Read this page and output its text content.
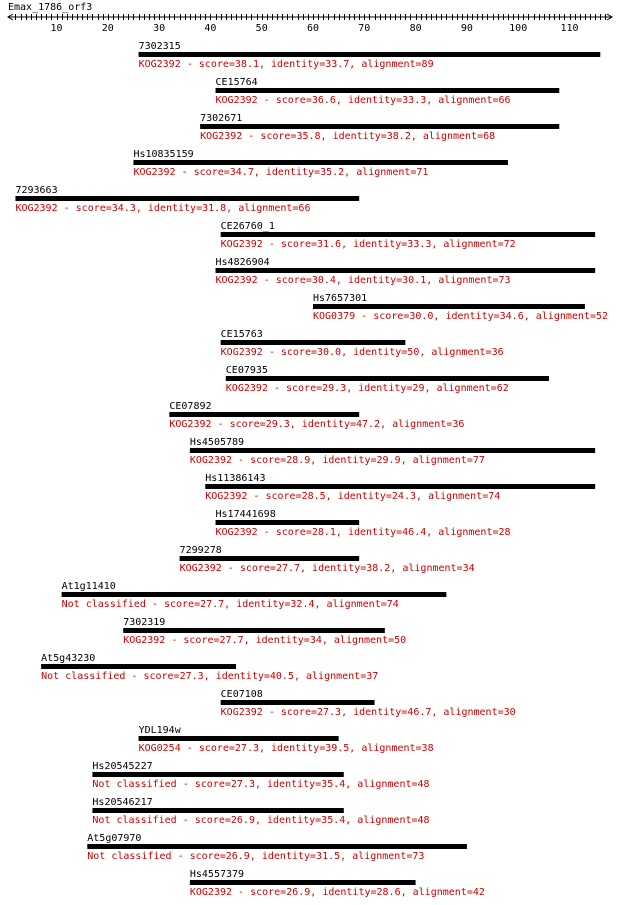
Emax_1786_orf3
10	20	30	40	50	60	70	80	90	100	110
7302315
KOG2392 - score=38.1, identity=33.7, alignment=89
CE15764
KOG2392 - score=36.6, identity=33.3, alignment=66
7302671
KOG2392 - score=35.8, identity=38.2, alignment=68
Hs10835159
KOG2392 - score=34.7, identity=35.2, alignment=71
7293663
KOG2392 - score=34.3, identity=31.8, alignment=66
CE26760_1
KOG2392 - score=31.6, identity=33.3, alignment=72
Hs4826904
KOG2392 - score=30.4, identity=30.1, alignment=73
Hs7657301
KOG0379 - score=30.0, identity=34.6, alignment=52
CE15763
KOG2392 - score=30.0, identity=50, alignment=36
CE07935
KOG2392 - score=29.3, identity=29, alignment=62
CE07892
KOG2392 - score=29.3, identity=47.2, alignment=36
Hs4505789
KOG2392 - score=28.9, identity=29.9, alignment=77
Hs11386143
KOG2392 - score=28.5, identity=24.3, alignment=74
Hs17441698
KOG2392 - score=28.1, identity=46.4, alignment=28
7299278
KOG2392 - score=27.7, identity=38.2, alignment=34
At1g11410
Not classified - score=27.7, identity=32.4, alignment=74
7302319
KOG2392 - score=27.7, identity=34, alignment=50
At5g43230
Not classified - score=27.3, identity=40.5, alignment=37
CE07108
KOG2392 - score=27.3, identity=46.7, alignment=30
YDL194w
KOG0254 - score=27.3, identity=39.5, alignment=38
Hs20545227
Not classified - score=27.3, identity=35.4, alignment=48
Hs20546217
Not classified - score=26.9, identity=35.4, alignment=48
At5g07970
Not classified - score=26.9, identity=31.5, alignment=73
Hs4557379
KOG2392 - score=26.9, identity=28.6, alignment=42
